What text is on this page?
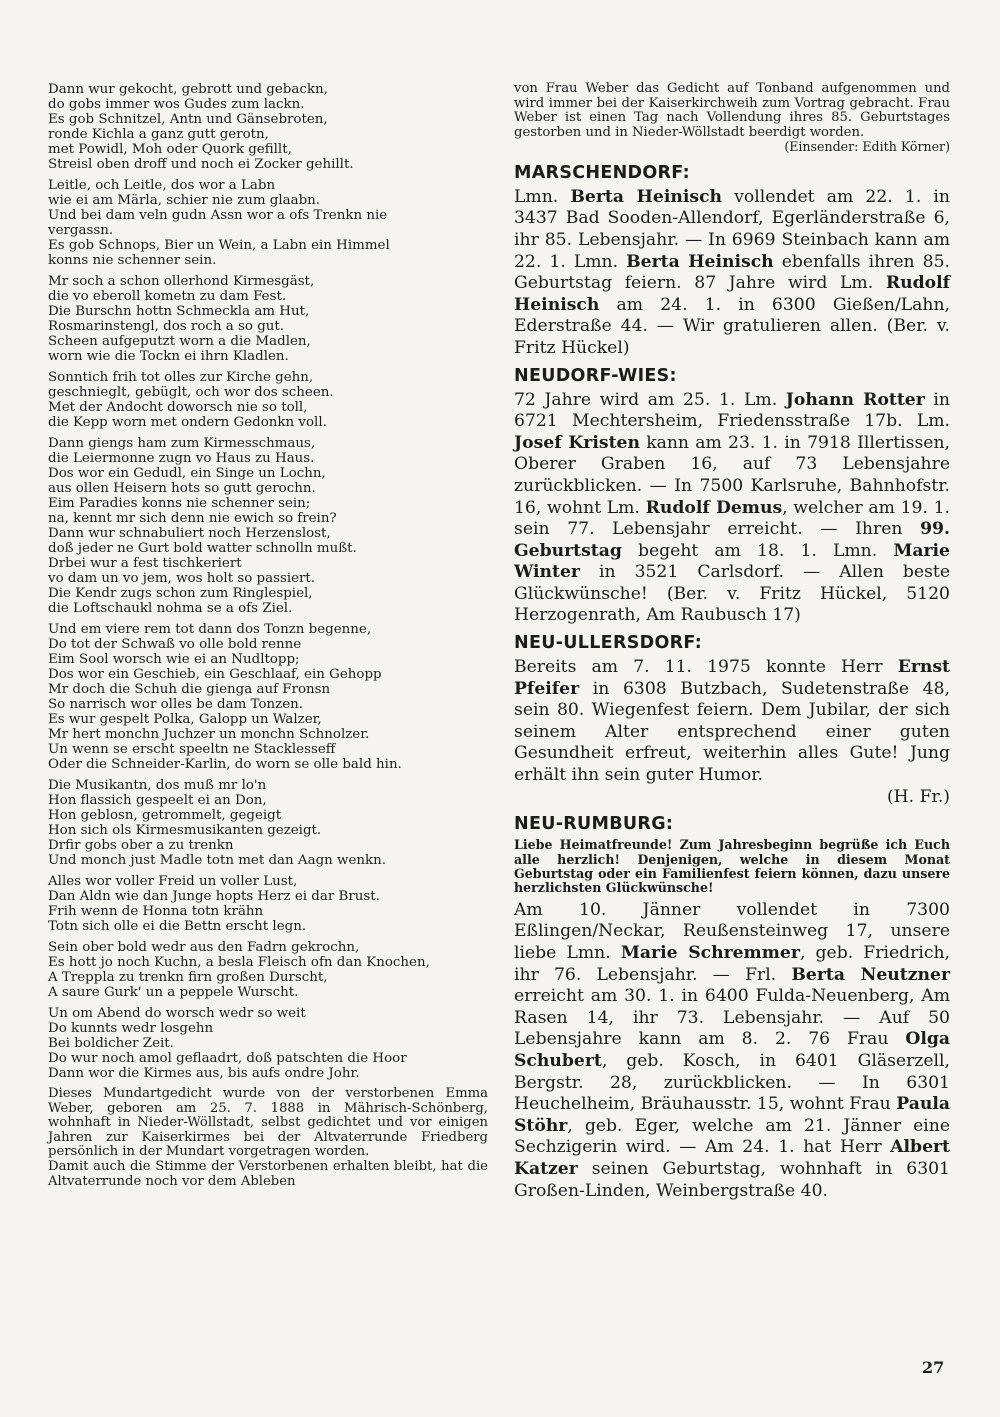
Dann wur gekocht, gebrott und gebackn,
do gobs immer wos Gudes zum lackn.
Es gob Schnitzel, Antn und Gänsebroten,
ronde Kichla a ganz gutt gerotn,
met Powidl, Moh oder Quork gefillt,
Streisl oben droff und noch ei Zocker gehillt.
Leitle, och Leitle, dos wor a Labn
wie ei am Märla, schier nie zum glaabn.
Und bei dam veln gudn Assn wor a ofs Trenkn nie
vergassn.
Es gob Schnops, Bier un Wein, a Labn ein Himmel
konns nie schenner sein.
Mr soch a schon ollerhond Kirmesgäst,
die vo eberoll kometn zu dam Fest.
Die Burschn hottn Schmeckla am Hut,
Rosmarinstengl, dos roch a so gut.
Scheen aufgeputzt worn a die Madlen,
worn wie die Tockn ei ihrn Kladlen.
Sonntich frih tot olles zur Kirche gehn,
geschnieglt, gebüglt, och wor dos scheen.
Met der Andocht doworsch nie so toll,
die Kepp worn met ondern Gedonkn voll.
Dann giengs ham zum Kirmesschmaus,
die Leiermonne zugn vo Haus zu Haus.
Dos wor ein Gedudl, ein Singe un Lochn,
aus ollen Heisern hots so gutt gerochn.
Eim Paradies konns nie schenner sein;
na, kennt mr sich denn nie ewich so frein?
Dann wur schnabuliert noch Herzenslost,
doß jeder ne Gurt bold watter schnolln mußt.
Drbei wur a fest tischkeriert
vo dam un vo jem, wos holt so passiert.
Die Kendr zugs schon zum Ringlespiel,
die Loftschaukl nohma se a ofs Ziel.
Und em viere rem tot dann dos Tonzn begenne,
Do tot der Schwaß vo olle bold renne
Eim Sool worsch wie ei an Nudltopp;
Dos wor ein Geschieb, ein Geschlaaf, ein Gehopp
Mr doch die Schuh die gienga auf Fronsn
So narrisch wor olles be dam Tonzen.
Es wur gespelt Polka, Galopp un Walzer,
Mr hert monchn Juchzer un monchn Schnolzer.
Un wenn se erscht speeltn ne Stacklesseff
Oder die Schneider-Karlin, do worn se olle bald hin.
Die Musikantn, dos muß mr lo'n
Hon flassich gespeelt ei an Don,
Hon geblosn, getrommelt, gegeigt
Hon sich ols Kirmesmusikanten gezeigt.
Drfir gobs ober a zu trenkn
Und monch just Madle totn met dan Aagn wenkn.
Alles wor voller Freid un voller Lust,
Dan Aldn wie dan Junge hopts Herz ei dar Brust.
Frih wenn de Honna totn krähn
Totn sich olle ei die Bettn erscht legn.
Sein ober bold wedr aus den Fadrn gekrochn,
Es hott jo noch Kuchn, a besla Fleisch ofn dan Knochen,
A Treppla zu trenkn firn großen Durscht,
A saure Gurk' un a peppele Wurscht.
Un om Abend do worsch wedr so weit
Do kunnts wedr losgehn
Bei boldicher Zeit.
Do wur noch amol geflaadrt, doß patschten die Hoor
Dann wor die Kirmes aus, bis aufs ondre Johr.

Dieses Mundartgedicht wurde von der verstorbenen Emma Weber, geboren am 25. 7. 1888 in Mährisch-Schönberg, wohnhaft in Nieder-Wöllstadt, selbst gedichtet und vor einigen Jahren zur Kaiserkirmes bei der Altvaterrunde Friedberg persönlich in der Mundart vorgetragen worden.

Damit auch die Stimme der Verstorbenen erhalten bleibt, hat die Altvaterrunde noch vor dem Ableben

von Frau Weber das Gedicht auf Tonband aufgenommen und wird immer bei der Kaiserkirchweih zum Vortrag gebracht. Frau Weber ist einen Tag nach Vollendung ihres 85. Geburtstages gestorben und in Nieder-Wöllstadt beerdigt worden.

(Einsender: Edith Körner)
MARSCHENDORF:

Lmn. Berta Heinisch vollendet am 22. 1. in 3437 Bad Sooden-Allendorf, Egerländerstraße 6, ihr 85. Lebensjahr. — In 6969 Steinbach kann am 22. 1. Lmn. Berta Heinisch ebenfalls ihren 85. Geburtstag feiern. 87 Jahre wird Lm. Rudolf Heinisch am 24. 1. in 6300 Gießen/Lahn, Ederstraße 44. — Wir gratulieren allen. (Ber. v. Fritz Hückel)

NEUDORF-WIES:

72 Jahre wird am 25. 1. Lm. Johann Rotter in 6721 Mechtersheim, Friedensstraße 17b. Lm. Josef Kristen kann am 23. 1. in 7918 Illertissen, Oberer Graben 16, auf 73 Lebensjahre zurückblicken. — In 7500 Karlsruhe, Bahnhofstr. 16, wohnt Lm. Rudolf Demus, welcher am 19. 1. sein 77. Lebensjahr erreicht. — Ihren 99. Geburtstag begeht am 18. 1. Lmn. Marie Winter in 3521 Carlsdorf. — Allen beste Glückwünsche! (Ber. v. Fritz Hückel, 5120 Herzogenrath, Am Raubusch 17)

NEU-ULLERSDORF:

Bereits am 7. 11. 1975 konnte Herr Ernst Pfeifer in 6308 Butzbach, Sudetenstraße 48, sein 80. Wiegenfest feiern. Dem Jubilar, der sich seinem Alter entsprechend einer guten Gesundheit erfreut, weiterhin alles Gute! Jung erhält ihn sein guter Humor.

(H. Fr.)
NEU-RUMBURG:
Liebe Heimatfreunde! Zum Jahresbeginn begrüße ich Euch alle herzlich! Denjenigen, welche in diesem Monat Geburtstag oder ein Familienfest feiern können, dazu unsere herzlichsten Glückwünsche!

Am 10. Jänner vollendet in 7300 Eßlingen/Neckar, Reußensteinweg 17, unsere liebe Lmn. Marie Schremmer, geb. Friedrich, ihr 76. Lebensjahr. — Frl. Berta Neutzner erreicht am 30. 1. in 6400 Fulda-Neuenberg, Am Rasen 14, ihr 73. Lebensjahr. — Auf 50 Lebensjahre kann am 8. 2. 76 Frau Olga Schubert, geb. Kosch, in 6401 Gläserzell, Bergstr. 28, zurückblicken. — In 6301 Heuchelheim, Bräuhausstr. 15, wohnt Frau Paula Stöhr, geb. Eger, welche am 21. Jänner eine Sechzigerin wird. — Am 24. 1. hat Herr Albert Katzer seinen Geburtstag, wohnhaft in 6301 Großen-Linden, Weinbergstraße 40.

27
